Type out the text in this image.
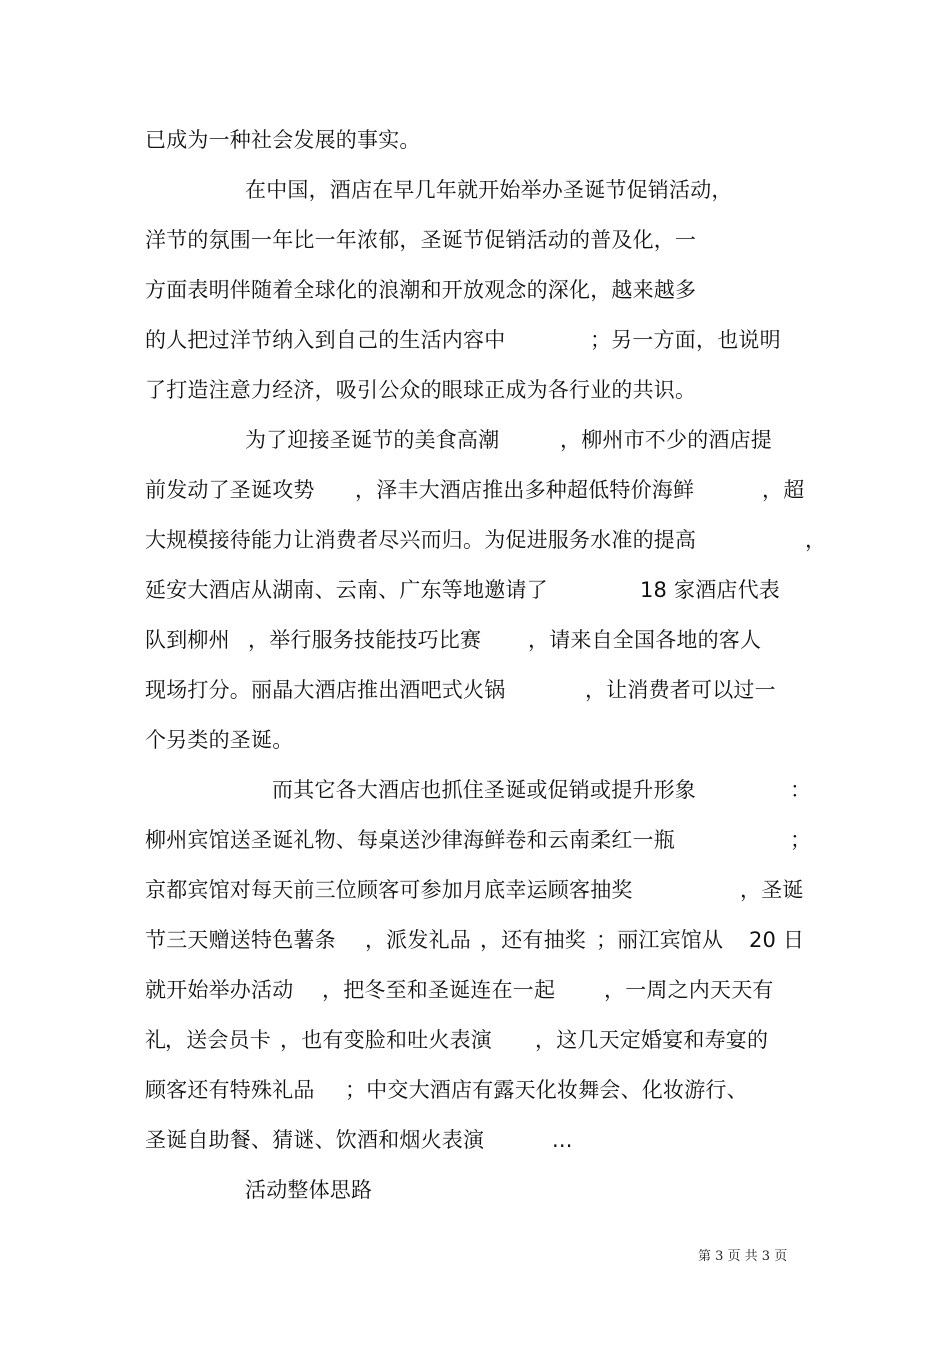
已成为一种社会发展的事实。

在中国，酒店在早几年就开始举办圣诞节促销活动，

洋节的氛围一年比一年浓郁，圣诞节促销活动的普及化，一

方面表明伴随着全球化的浪潮和开放观念的深化，越来越多

的人把过洋节纳入到自己的生活内容中

	；另一方面，也说明

了打造注意力经济，吸引公众的眼球正成为各行业的共识。

为了迎接圣诞节的美食高潮

	，柳州市不少的酒店提

前发动了圣诞攻势

，泽丰大酒店推出多种超低特价海鲜

	，超

大规模接待能力让消费者尽兴而归。为促进服务水准的提高

	，

延安大酒店从湖南、云南、广东等地邀请了

	18 家酒店代表

队到柳州

，举行服务技能技巧比赛

，请来自全国各地的客人

现场打分。丽晶大酒店推出酒吧式火锅

	，让消费者可以过一

个另类的圣诞。

而其它各大酒店也抓住圣诞或促销或提升形象

	：

柳州宾馆送圣诞礼物、每桌送沙律海鲜卷和云南柔红一瓶

	；

京都宾馆对每天前三位顾客可参加月底幸运顾客抽奖

	，圣诞

节三天赠送特色薯条

，派发礼品

，还有抽奖

；丽江宾馆从

20 日

就开始举办活动

，把冬至和圣诞连在一起

，一周之内天天有

礼

，送会员卡

，也有变脸和吐火表演

，这几天定婚宴和寿宴的

顾客还有特殊礼品

；中交大酒店有露天化妆舞会、化妆游行、

圣诞自助餐、猜谜、饮酒和烟火表演

	...

活动整体思路

第 3 页 共 3 页
